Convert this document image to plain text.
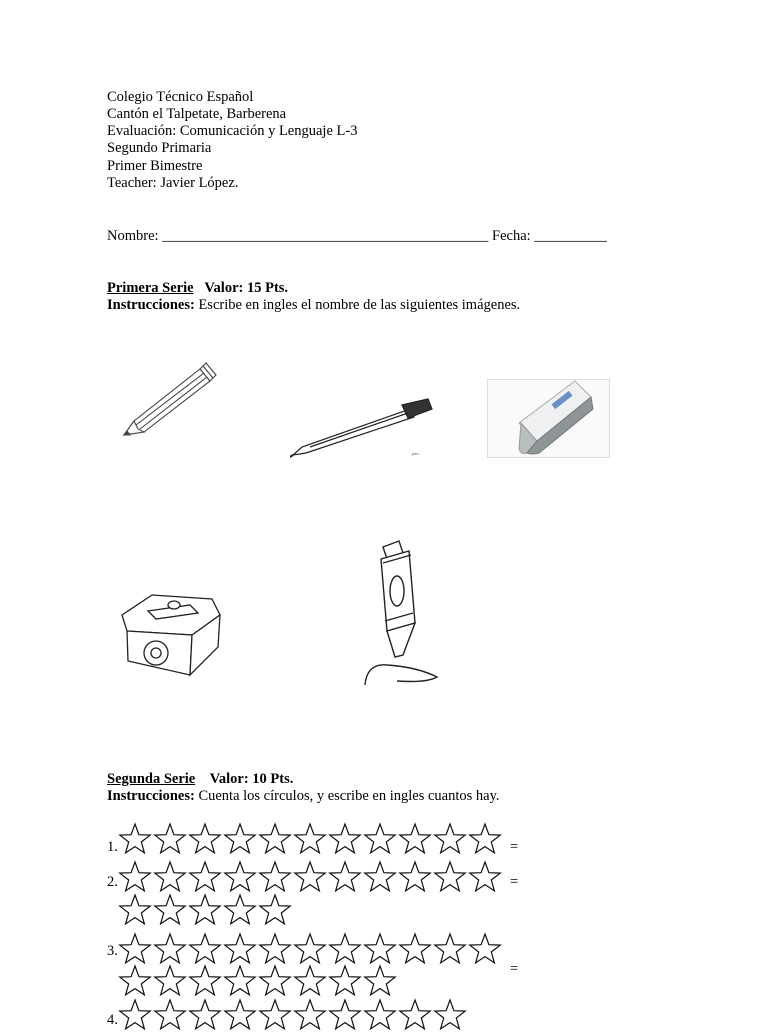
Colegio Técnico Español
Cantón el Talpetate, Barberena
Evaluación: Comunicación y Lenguaje L-3
Segundo Primaria
Primer Bimestre
Teacher: Javier López.
Nombre: _____________________________________________ Fecha: __________
Primera Serie Valor: 15 Pts.
Instrucciones: Escribe en ingles el nombre de las siguientes imágenes.
pen
Segunda Serie Valor: 10 Pts.
Instrucciones: Cuenta los círculos, y escribe en ingles cuantos hay.
1.	=
2.	=
3.
=
4.
